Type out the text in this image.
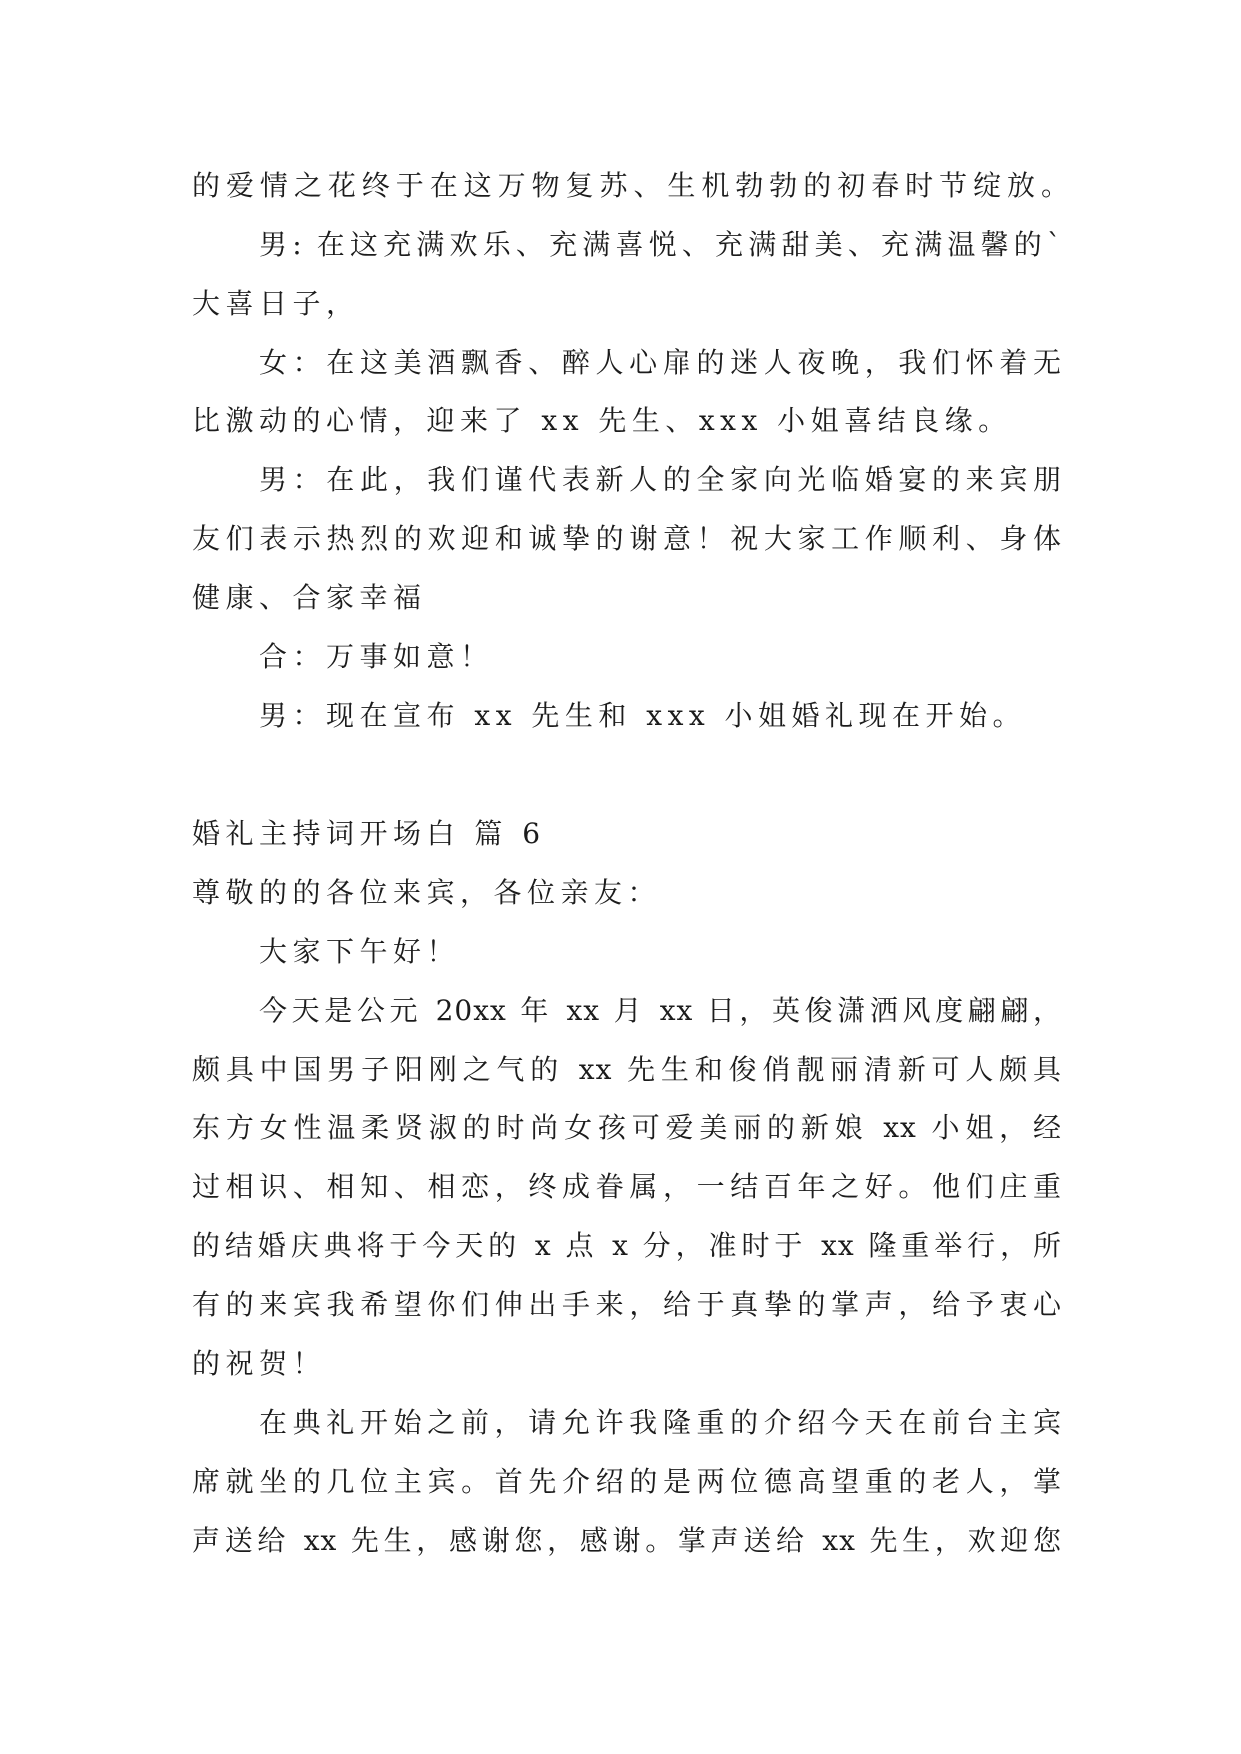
的爱情之花终于在这万物复苏、生机勃勃的初春时节绽放。

男: 在这充满欢乐、充满喜悦、充满甜美、充满温馨的`

大喜日子，

女：在这美酒飘香、醉人心扉的迷人夜晚，我们怀着无

比激动的心情，迎来了 xx 先生、xxx 小姐喜结良缘。

男：在此，我们谨代表新人的全家向光临婚宴的来宾朋

友们表示热烈的欢迎和诚挚的谢意！祝大家工作顺利、身体

健康、合家幸福

合：万事如意！

男：现在宣布 xx 先生和 xxx 小姐婚礼现在开始。

婚礼主持词开场白 篇 6

尊敬的的各位来宾，各位亲友：

大家下午好！

今天是公元 20xx 年 xx 月 xx 日，英俊潇洒风度翩翩，

颇具中国男子阳刚之气的 xx 先生和俊俏靓丽清新可人颇具

东方女性温柔贤淑的时尚女孩可爱美丽的新娘 xx 小姐，经

过相识、相知、相恋，终成眷属，一结百年之好。他们庄重

的结婚庆典将于今天的 x 点 x 分，准时于 xx 隆重举行，所

有的来宾我希望你们伸出手来，给于真挚的掌声，给予衷心

的祝贺！

在典礼开始之前，请允许我隆重的介绍今天在前台主宾

席就坐的几位主宾。首先介绍的是两位德高望重的老人，掌

声送给 xx 先生，感谢您，感谢。掌声送给 xx 先生，欢迎您
